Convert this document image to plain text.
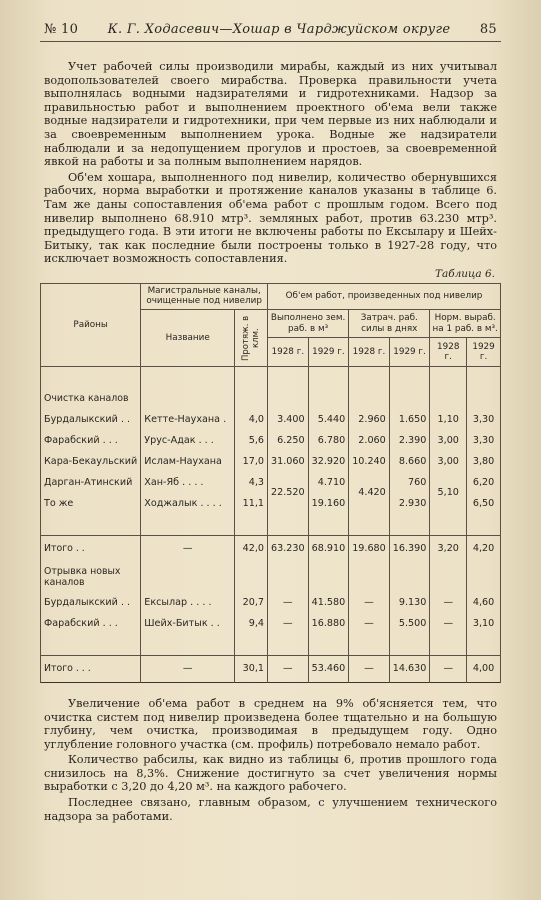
№ 10 К. Г. Ходасевич—Хошар в Чарджуйском округе 85

Учет рабочей силы производили мирабы, каждый из них учитывал водопользователей своего мирабства. Проверка правильности учета выполнялась водными надзирателями и гидротехниками. Надзор за правильностью работ и выполнением проектного об'ема вели также водные надзиратели и гидротехники, при чем первые из них наблюдали и за своевременным выполнением урока. Водные же надзиратели наблюдали и за недопущением прогулов и простоев, за своевременной явкой на работы и за полным выполнением нарядов.

Об'ем хошара, выполненного под нивелир, количество обернувшихся рабочих, норма выработки и протяжение каналов указаны в таблице 6. Там же даны сопоставления об'ема работ с прошлым годом. Всего под нивелир выполнено 68.910 мтр³. земляных работ, против 63.230 мтр³. предыдущего года. В эти итоги не включены работы по Ексылару и Шейх-Битыку, так как последние были построены только в 1927-28 году, что исключает возможность сопоставления.

Таблица 6.
Районы	Магистральные каналы, очищенные под нивелир		Об'ем работ, произведенных под нивелир					
	Название	Протяж. в клм.	Выполнено зем. раб. в м³		Затрач. раб. силы в днях		Норм. выраб. на 1 раб. в м³.	
			1928 г.	1929 г.	1928 г.	1929 г.	1928 г.	1929 г.

Очистка каналов								
Бурдалыкский . .	Кетте-Наухана .	4,0	3.400	5.440	2.960	1.650	1,10	3,30
Фарабский . . .	Урус-Адак . . .	5,6	6.250	6.780	2.060	2.390	3,00	3,30
Кара-Бекаульский	Ислам-Наухана	17,0	31.060	32.920	10.240	8.660	3,00	3,80
Дарган-Атинский	Хан-Яб . . . .	4,3	22.520	4.710	4.420	760	5,10	6,20
То же	Ходжалык . . . .	11,1		19.160		2.930		6,50

Итого . .	—	42,0	63.230	68.910	19.680	16.390	3,20	4,20
Отрывка новых каналов								
Бурдалыкский . .	Ексылар . . . .	20,7	—	41.580	—	9.130	—	4,60
Фарабский . . .	Шейх-Битык . .	9,4	—	16.880	—	5.500	—	3,10

Итого . . .	—	30,1	—	53.460	—	14.630	—	4,00

Увеличение об'ема работ в среднем на 9% об'ясняется тем, что очистка систем под нивелир произведена более тщательно и на большую глубину, чем очистка, производимая в предыдущем году. Одно углубление головного участка (см. профиль) потребовало немало работ.

Количество рабсилы, как видно из таблицы 6, против прошлого года снизилось на 8,3%. Снижение достигнуто за счет увеличения нормы выработки с 3,20 до 4,20 м³. на каждого рабочего.

Последнее связано, главным образом, с улучшением технического надзора за работами.
